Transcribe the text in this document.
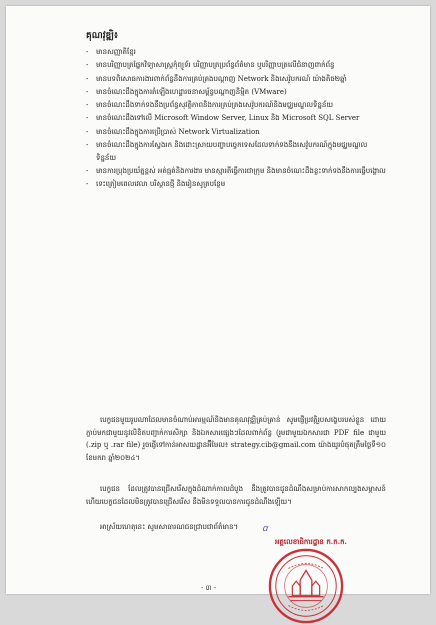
គុណវុឌ្ឍិ៖
- មានសញ្ញាតិខ្មែរ
- មានបរិញ្ញាបត្រផ្នែកវិទ្យាសាស្ត្រកុំព្យូទ័រ បរិញ្ញាបត្រប្រព័ន្ធព័ត៌មាន ឬបរិញ្ញាបត្រលើជំនាញពាក់ព័ន្ធ
- មានបទពិសោធការងារពាក់ព័ន្ធនឹងការគ្រប់គ្រងបណ្ដាញ Network និងសេវ៉ូបករណ៍ យ៉ាងតិច២ឆ្នាំ
- មានចំណេះដឹងក្នុងការតំឡើងហេដ្ឋារចនាសម្ព័ន្ធបណ្ដាញនិម្មិត (VMware)
- មានចំណេះដឹងទាក់ទងនឹងប្រព័ន្ធសុវត្ថិភាពនិងការគ្រប់គ្រងសេវ៉ូបករណ៍និងមជ្ឈមណ្ឌលទិន្នន័យ
- មានចំណេះដឹងទៅលើ Microsoft Window Server, Linux និង Microsoft SQL Server
- មានចំណេះដឹងក្នុងការប្រើប្រាស់ Network Virtualization
- មានចំណេះដឹងក្នុងការស្វែងរក និងដោះស្រាយបញ្ហាបច្ចេកទេសដែលទាក់ទងនឹងសេវ៉ូបករណ៍ក្នុងមជ្ឈមណ្ឌលទិន្នន័យ
- មានការប្រុងប្រយ័ត្នខ្ពស់ អត់ធ្មត់និងការងារ មានស្មារតីធ្វើការជាក្រុម និងមានចំណេះដឹងខ្លះទាក់ទងនឹងការធ្វើបង្គោល
- ទេះត្រៀមពេលវេលា បរិស្ថានថ្មី និងរៀនសូត្របន្ថែម

បេក្ខជនមួយរូបណាដែលមានចំណាប់អារម្មណ៍និងមានគុណវុឌ្ឍិគ្រប់គ្រាន់ សូមផ្ញើប្រវត្តិរូបសង្ខេបរបស់ខ្លួន ដោយភ្ជាប់មកជាមួយនូវលិខិតបញ្ជាក់ការសិក្សា និងឯកសារផ្សេងៗដែលពាក់ព័ន្ធ (រួមជាមួយឯកសារជា PDF file ជាមួយ (.zip ឬ .rar file) រួចផ្ញើទៅកាន់អាសយដ្ឋានអ៊ីមែល៖ strategy.cib@gmail.com យ៉ាងយូរបំផុតត្រឹមថ្ងៃទី១០ ខែមករា ឆ្នាំ២០២៤។

បេក្ខជន ដែលត្រូវបានជ្រើសរើសក្នុងដំណាក់កាលដំបូង នឹងត្រូវបានជូនដំណឹងសម្រាប់ការសាកល្បងសម្ភាសន៍ ហើយបេក្ខជនដែលមិនត្រូវបានជ្រើសរើស នឹងមិនទទួលបានការជូនដំណឹងឡើយ។

អាស្រ័យហេតុនេះ សូមសាធារណជនជ្រាបជាព័ត៌មាន។	ꭤ
អគ្គលេខាធិការដ្ឋាន ក.ក.ក.
- ៣ -
